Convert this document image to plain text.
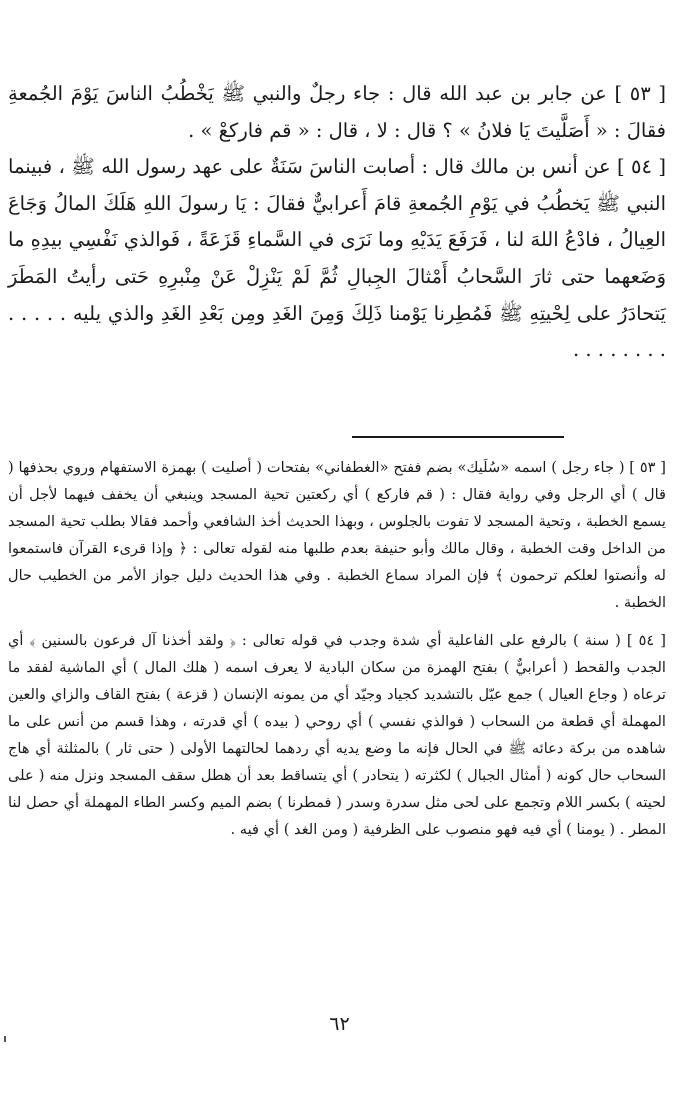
[ ٥٣ ] عن جابر بن عبد الله قال : جاء رجلٌ والنبي ﷺ يَخْطُبُ الناسَ يَوْمَ الجُمعةِ فقالَ : « أَصَلَّيتَ يَا فلانُ » ؟ قال : لا ، قال : « قم فاركعْ » .

[ ٥٤ ] عن أنس بن مالك قال : أصابت الناسَ سَنَةٌ على عهد رسول الله ﷺ ، فبينما النبي ﷺ يَخطُبُ في يَوْمِ الجُمعةِ قامَ أَعرابيٌّ فقالَ : يَا رسولَ اللهِ هَلَكَ المالُ وَجَاعَ العِيالُ ، فادْعُ اللهَ لنا ، فَرَفَعَ يَدَيْهِ وما نَرَى في السَّماءِ قَزَعَةً ، فَوالذي نَفْسِي بيدِهِ ما وَضَعهما حتى ثارَ السَّحابُ أَمْثالَ الجِبالِ ثُمَّ لَمْ يَنْزِلْ عَنْ مِنْبرِهِ حَتى رأيتُ المَطَرَ يَتحادَرُ على لِحْيتِهِ ﷺ فَمُطِرنا يَوْمنا ذَلِكَ وَمِنَ الغَدِ ومِن بَعْدِ الغَدِ والذي يليه . . . . . . . . . . . . .

[ ٥٣ ] ( جاء رجل ) اسمه «سُلَيك» بضم ففتح «الغطفاني» بفتحات ( أصليت ) بهمزة الاستفهام وروي بحذفها ( قال ) أي الرجل وفي رواية فقال : ( قم فاركع ) أي ركعتين تحية المسجد وينبغي أن يخفف فيهما لأجل أن يسمع الخطبة ، وتحية المسجد لا تفوت بالجلوس ، وبهذا الحديث أخذ الشافعي وأحمد فقالا بطلب تحية المسجد من الداخل وقت الخطبة ، وقال مالك وأبو حنيفة بعدم طلبها منه لقوله تعالى : ﴿ وإذا قرىء القرآن فاستمعوا له وأنصتوا لعلكم ترحمون ﴾ فإن المراد سماع الخطبة . وفي هذا الحديث دليل جواز الأمر من الخطيب حال الخطبة .

[ ٥٤ ] ( سنة ) بالرفع على الفاعلية أي شدة وجدب في قوله تعالى : ﴿ ولقد أخذنا آل فرعون بالسنين ﴾ أي الجدب والقحط ( أعرابيٌّ ) بفتح الهمزة من سكان البادية لا يعرف اسمه ( هلك المال ) أي الماشية لفقد ما ترعاه ( وجاع العيال ) جمع عيّل بالتشديد كجياد وجيّد أي من يمونه الإنسان ( قزعة ) بفتح القاف والزاي والعين المهملة أي قطعة من السحاب ( فوالذي نفسي ) أي روحي ( بيده ) أي قدرته ، وهذا قسم من أنس على ما شاهده من بركة دعائه ﷺ في الحال فإنه ما وضع يديه أي ردهما لحالتهما الأولى ( حتى ثار ) بالمثلثة أي هاج السحاب حال كونه ( أمثال الجبال ) لكثرته ( يتحادر ) أي يتساقط بعد أن هطل سقف المسجد ونزل منه ( على لحيته ) بكسر اللام وتجمع على لحى مثل سدرة وسدر ( فمطرنا ) بضم الميم وكسر الطاء المهملة أي حصل لنا المطر . ( يومنا ) أي فيه فهو منصوب على الظرفية ( ومن الغد ) أي فيه .

٦٢
